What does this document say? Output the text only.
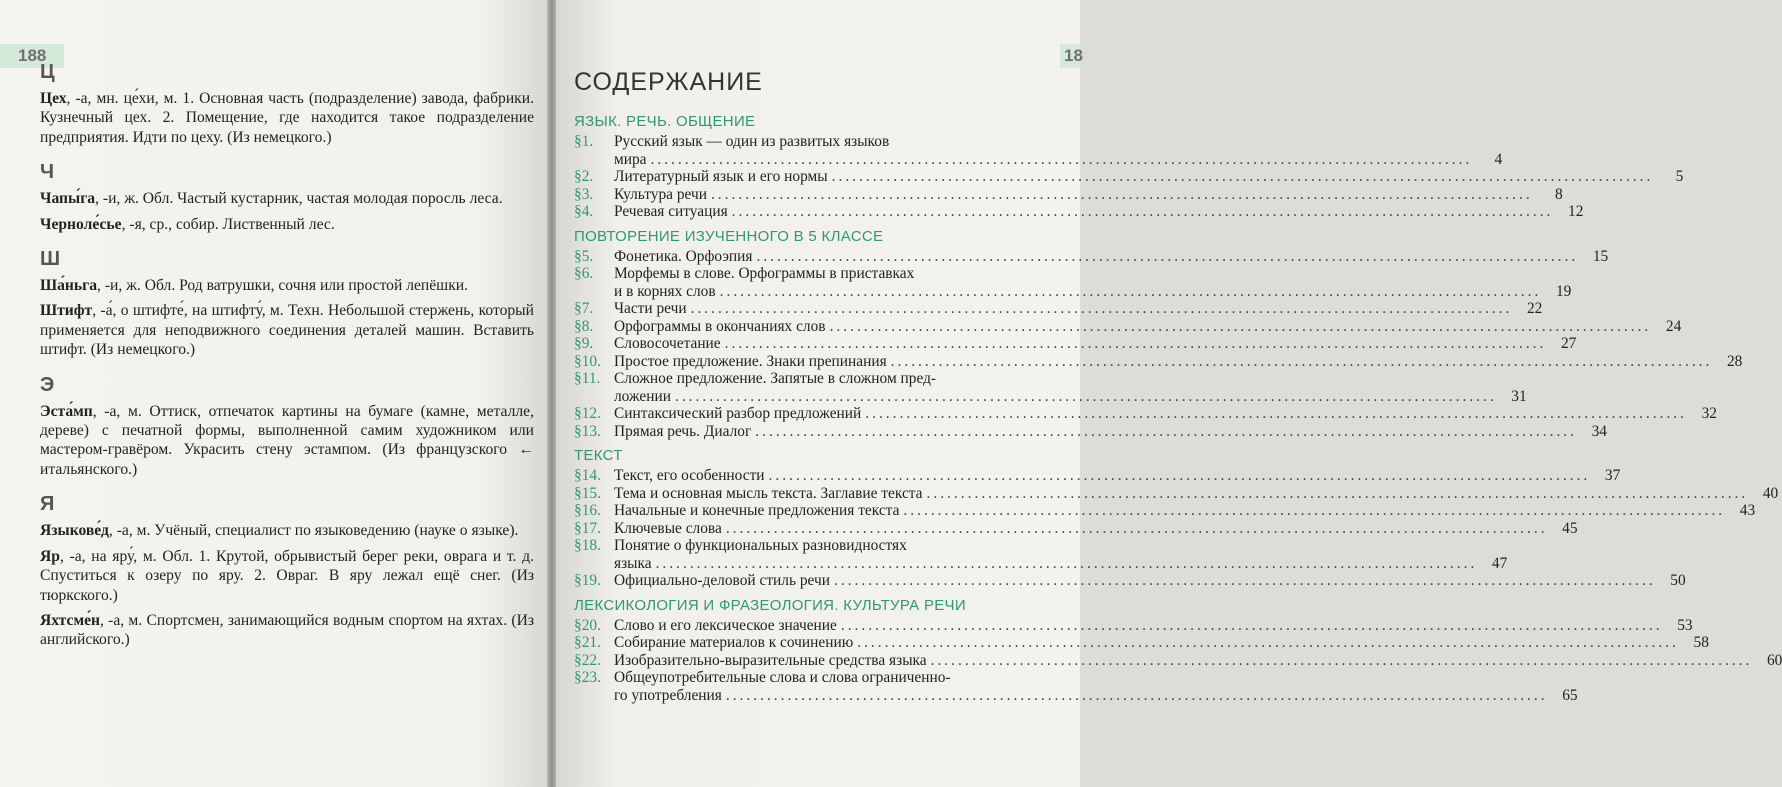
188
Ц
Цех, -а, мн. це́хи, м. 1. Основная часть (подразделение) завода, фабрики. Кузнечный цех. 2. Помещение, где находится такое подразделение предприятия. Идти по цеху. (Из немецкого.)
Ч
Чапы́га, -и, ж. Обл. Частый кустарник, частая молодая поросль леса.
Черноле́сье, -я, ср., собир. Лиственный лес.
Ш
Ша́ньга, -и, ж. Обл. Род ватрушки, сочня или простой лепёшки.
Штифт, -а́, о штифте́, на штифту́, м. Техн. Небольшой стержень, который применяется для неподвижного соединения деталей машин. Вставить штифт. (Из немецкого.)
Э
Эста́мп, -а, м. Оттиск, отпечаток картины на бумаге (камне, металле, дереве) с печатной формы, выполненной самим художником или мастером-гравёром. Украсить стену эстампом. (Из французского ← итальянского.)
Я
Языкове́д, -а, м. Учёный, специалист по языковедению (науке о языке).
Яр, -а, на яру́, м. Обл. 1. Крутой, обрывистый берег реки, оврага и т. д. Спуститься к озеру по яру. 2. Овраг. В яру лежал ещё снег. (Из тюркского.)
Яхтсме́н, -а, м. Спортсмен, занимающийся водным спортом на яхтах. (Из английского.)
18
СОДЕРЖАНИЕ
ЯЗЫК. РЕЧЬ. ОБЩЕНИЕ
§1.	Русский язык — один из развитых языков
мира ........................................................................................................................	4
§2.	Литературный язык и его нормы ........................................................................................................................	5
§3.	Культура речи ........................................................................................................................	8
§4.	Речевая ситуация ........................................................................................................................ 12
ПОВТОРЕНИЕ ИЗУЧЕННОГО В 5 КЛАССЕ
§5.	Фонетика. Орфоэпия ........................................................................................................................ 15
§6.	Морфемы в слове. Орфограммы в приставках
и в корнях слов ........................................................................................................................ 19
§7.	Части речи ........................................................................................................................ 22
§8.	Орфограммы в окончаниях слов ........................................................................................................................ 24
§9.	Словосочетание ........................................................................................................................ 27
§10. Простое предложение. Знаки препинания ........................................................................................................................ 28
§11. Сложное предложение. Запятые в сложном пред-
ложении ........................................................................................................................ 31
§12. Синтаксический разбор предложений ........................................................................................................................ 32
§13. Прямая речь. Диалог ........................................................................................................................ 34
ТЕКСТ
§14. Текст, его особенности ........................................................................................................................ 37
§15. Тема и основная мысль текста. Заглавие текста ........................................................................................................................ 40
§16. Начальные и конечные предложения текста ........................................................................................................................ 43
§17. Ключевые слова ........................................................................................................................ 45
§18. Понятие о функциональных разновидностях
языка ........................................................................................................................ 47
§19. Официально-деловой стиль речи ........................................................................................................................ 50
ЛЕКСИКОЛОГИЯ И ФРАЗЕОЛОГИЯ. КУЛЬТУРА РЕЧИ
§20. Слово и его лексическое значение ........................................................................................................................ 53
§21. Собирание материалов к сочинению ........................................................................................................................ 58
§22. Изобразительно-выразительные средства языка ........................................................................................................................ 60
§23. Общеупотребительные слова и слова ограниченно-
го употребления ........................................................................................................................ 65
